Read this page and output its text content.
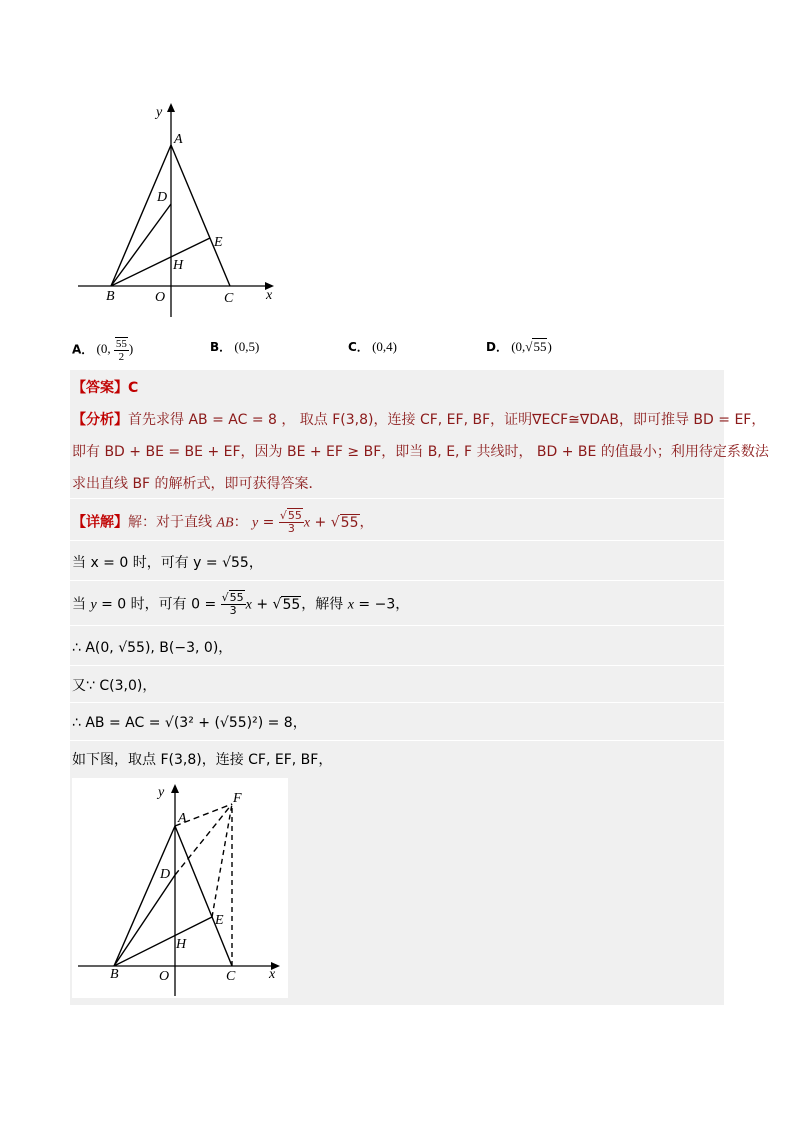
y
A
D
E
H
B	O	C x
A． (0, $\frac{55}{2}$ )	B． (0,5)	C． (0,4)	D． (0,√55)
【答案】C
【分析】首先求得 AB = AC = 8 ， 取点 F(3,8)，连接 CF, EF, BF，证明∇ECF≅∇DAB，即可推导 BD = EF，
即有 BD + BE = BE + EF，因为 BE + EF ≥ BF，即当 B, E, F 共线时， BD + BE 的值最小；利用待定系数法
求出直线 BF 的解析式，即可获得答案．
【详解】解：对于直线 AB： $y = \frac{√55}{3}$ x + √55，
当 x = 0 时，可有 y = √55，
当 y = 0 时，可有 $0 = \frac{√55}{3}$ x + √55，解得 x = −3，
∴ A(0, √55), B(−3, 0)，
又∵ C(3,0)，
∴ AB = AC = √(3² + (√55)²) = 8，
如下图，取点 F(3,8)，连接 CF, EF, BF，
y	F
A
D
E
H
B	O	C x
